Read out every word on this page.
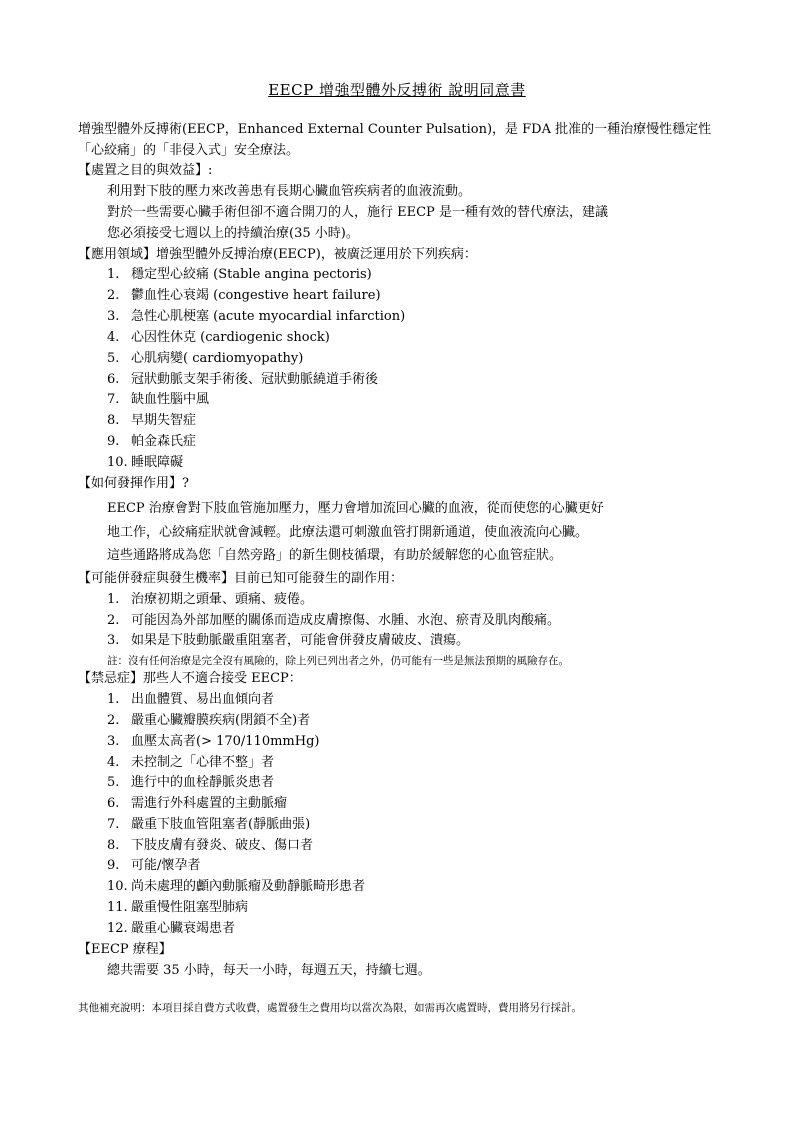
EECP 增強型體外反搏術 說明同意書
增強型體外反搏術(EECP，Enhanced External Counter Pulsation)，是 FDA 批准的一種治療慢性穩定性「心絞痛」的「非侵入式」安全療法。
【處置之目的與效益】:
利用對下肢的壓力來改善患有長期心臟血管疾病者的血液流動。
對於一些需要心臟手術但卻不適合開刀的人，施行 EECP 是一種有效的替代療法，建議
您必須接受七週以上的持續治療(35 小時)。
【應用領域】增強型體外反搏治療(EECP)，被廣泛運用於下列疾病：
1. 穩定型心絞痛 (Stable angina pectoris)
2. 鬱血性心衰竭 (congestive heart failure)
3. 急性心肌梗塞 (acute myocardial infarction)
4. 心因性休克 (cardiogenic shock)
5. 心肌病變( cardiomyopathy)
6. 冠狀動脈支架手術後、冠狀動脈繞道手術後
7. 缺血性腦中風
8. 早期失智症
9. 帕金森氏症
10. 睡眠障礙
【如何發揮作用】?
EECP 治療會對下肢血管施加壓力，壓力會增加流回心臟的血液，從而使您的心臟更好
地工作，心絞痛症狀就會減輕。此療法還可刺激血管打開新通道，使血液流向心臟。
這些通路將成為您「自然旁路」的新生側枝循環，有助於緩解您的心血管症狀。
【可能併發症與發生機率】目前已知可能發生的副作用：
1. 治療初期之頭暈、頭痛、疲倦。
2. 可能因為外部加壓的關係而造成皮膚擦傷、水腫、水泡、瘀青及肌肉酸痛。
3. 如果是下肢動脈嚴重阻塞者，可能會併發皮膚破皮、潰瘍。
註：沒有任何治療是完全沒有風險的，除上列已列出者之外，仍可能有一些是無法預期的風險存在。
【禁忌症】那些人不適合接受 EECP：
1. 出血體質、易出血傾向者
2. 嚴重心臟瓣膜疾病(閉鎖不全)者
3. 血壓太高者(> 170/110mmHg)
4. 未控制之「心律不整」者
5. 進行中的血栓靜脈炎患者
6. 需進行外科處置的主動脈瘤
7. 嚴重下肢血管阻塞者(靜脈曲張)
8. 下肢皮膚有發炎、破皮、傷口者
9. 可能/懷孕者
10. 尚未處理的顱內動脈瘤及動靜脈畸形患者
11. 嚴重慢性阻塞型肺病
12. 嚴重心臟衰竭患者
【EECP 療程】
總共需要 35 小時，每天一小時，每週五天，持續七週。
其他補充說明：本項目採自費方式收費，處置發生之費用均以當次為限，如需再次處置時，費用將另行採計。
